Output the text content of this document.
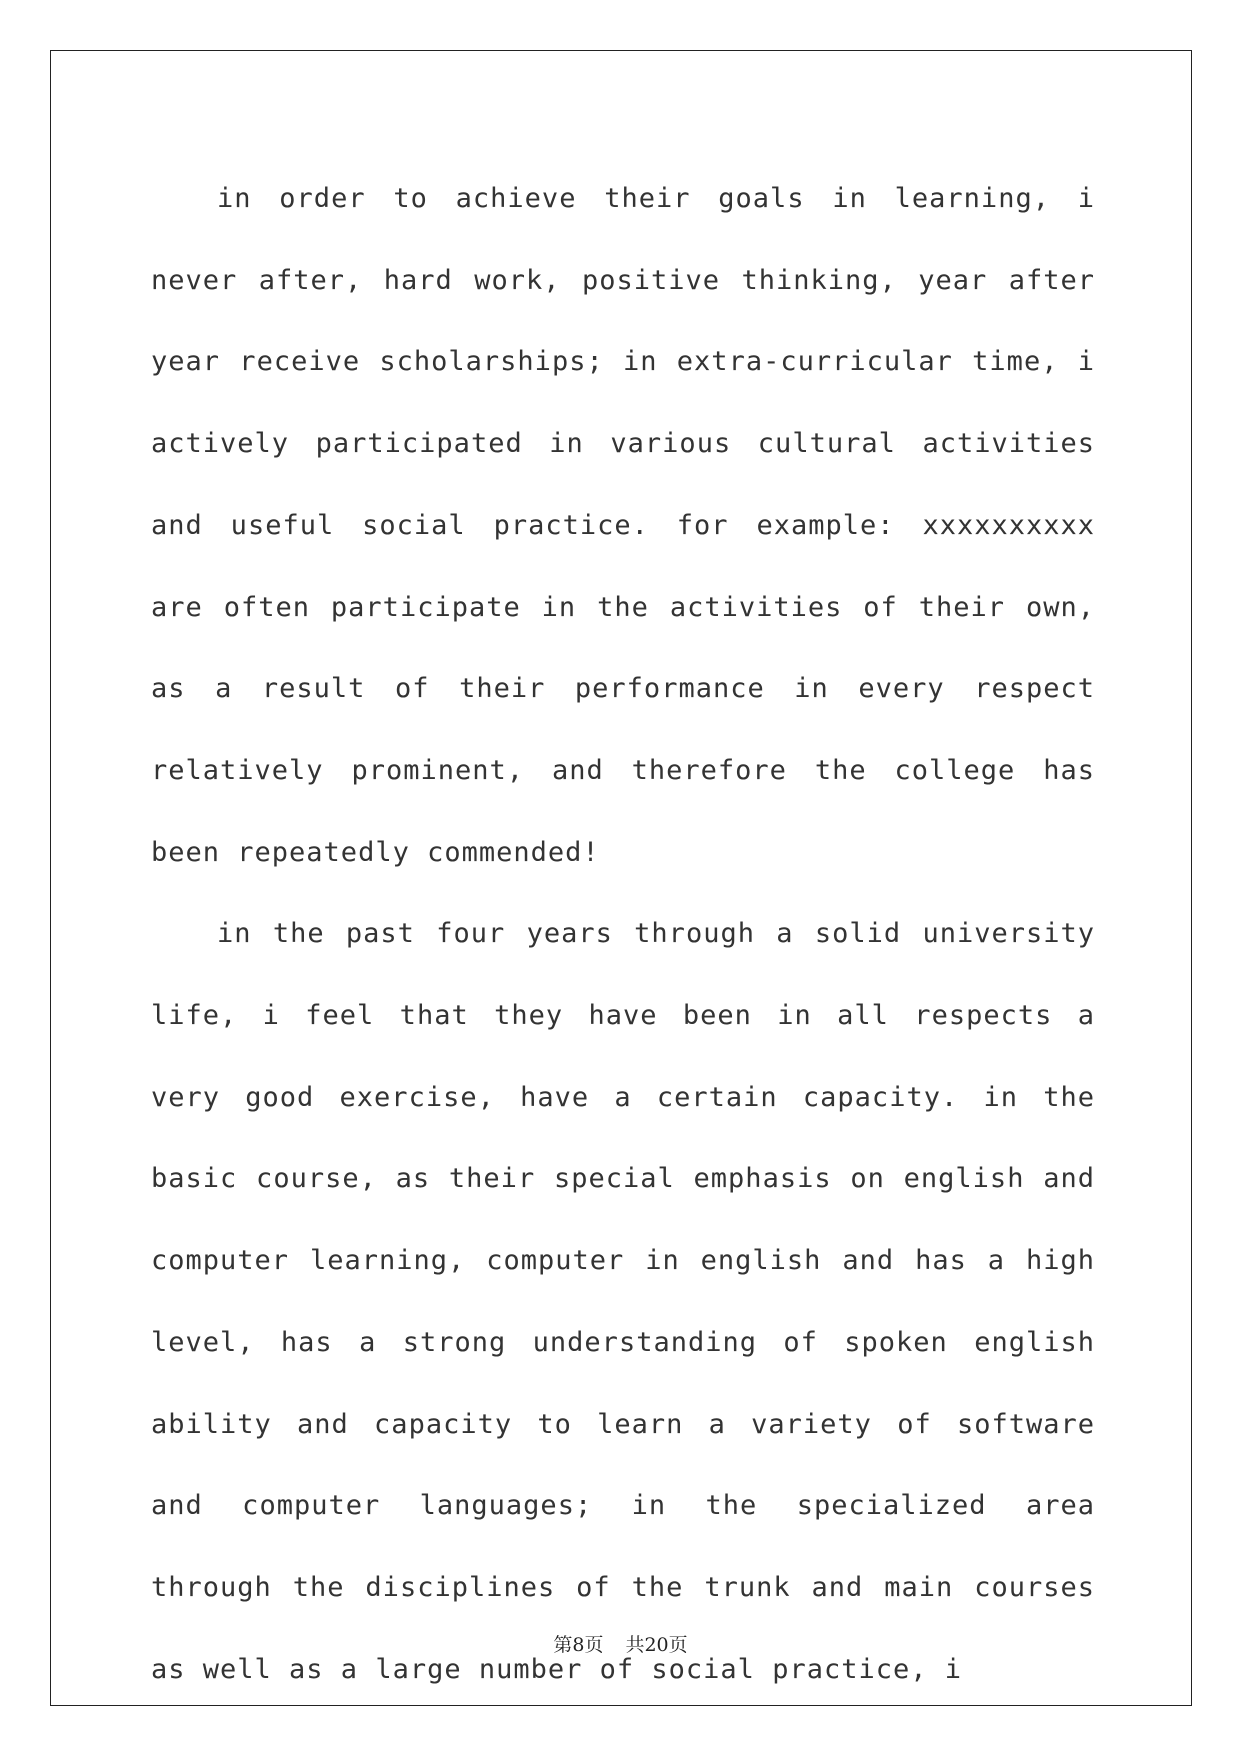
in order to achieve their goals in learning, i never after, hard work, positive thinking, year after year receive scholarships; in extra-curricular time, i actively participated in various cultural activities and useful social practice. for example: xxxxxxxxxx are often participate in the activities of their own, as a result of their performance in every respect relatively prominent, and therefore the college has been repeatedly commended!

in the past four years through a solid university life, i feel that they have been in all respects a very good exercise, have a certain capacity. in the basic course, as their special emphasis on english and computer learning, computer in english and has a high level, has a strong understanding of spoken english ability and capacity to learn a variety of software and computer languages; in the specialized area through the disciplines of the trunk and main courses as well as a large number of social practice, i

第8页 共20页
